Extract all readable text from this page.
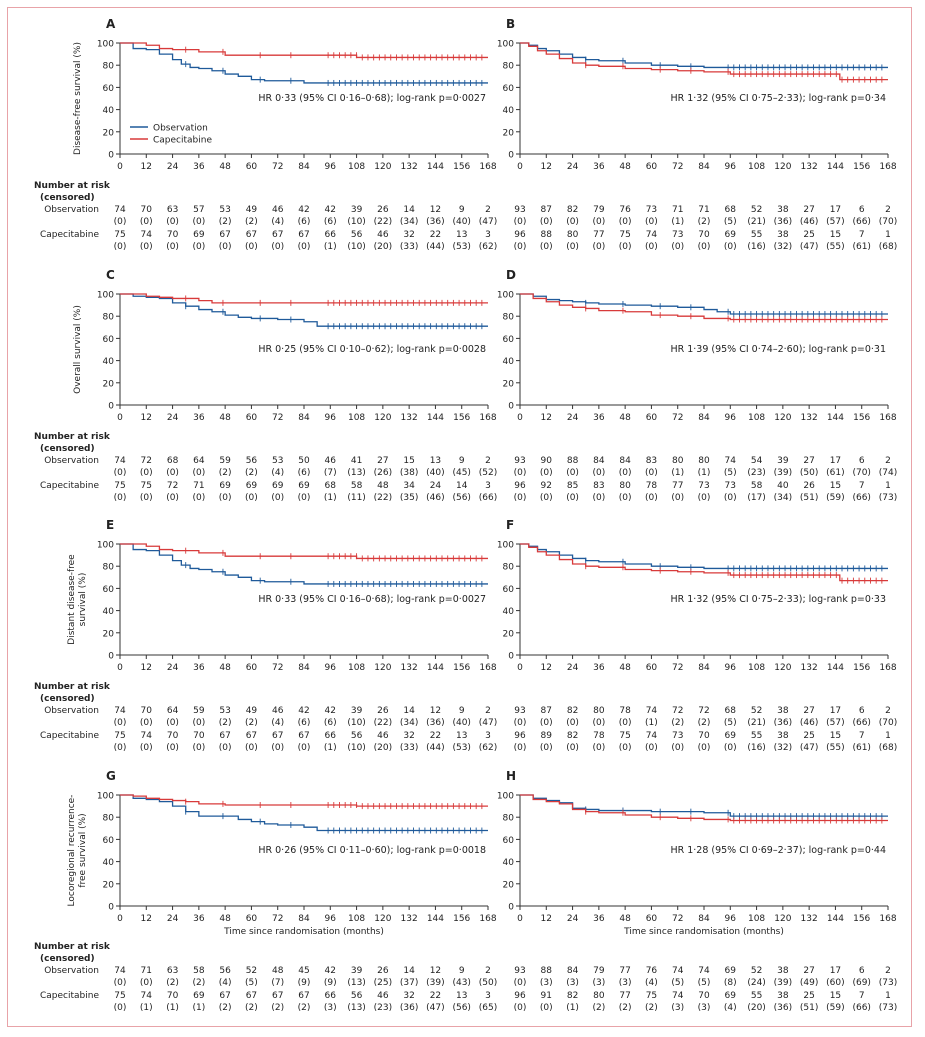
A
0
20
40
60
80
100
0 12 24 36 48 60 72 84 96 108 120 132 144 156 168
Disease-free survival (%)	HR 0·33 (95% CI 0·16–0·68); log-rank p=0·0027
Observation
Capecitabine
Number at risk
(censored)
Observation
Capecitabine
74 70 63 57 53 49 46 42 42 39 26 14 12 9 2
(0) (0) (0) (0) (2) (2) (4) (6) (6) (10) (22) (34) (36) (40) (47)
75 74 70 69 67 67 67 67 66 56 46 32 22 13 3
(0) (0) (0) (0) (0) (0) (0) (0) (1) (10) (20) (33) (44) (53) (62)
B
0
20
40
60
80
100
0 12 24 36 48 60 72 84 96 108 120 132 144 156 168
HR 1·32 (95% CI 0·75–2·33); log-rank p=0·34
93 87 82 79 76 73 71 71 68 52 38 27 17 6 2
(0) (0) (0) (0) (0) (0) (1) (2) (5) (21) (36) (46) (57) (66) (70)
96 88 80 77 75 74 73 70 69 55 38 25 15 7 1
(0) (0) (0) (0) (0) (0) (0) (0) (0) (16) (32) (47) (55) (61) (68)
C
0
20
40
60
80
100
0 12 24 36 48 60 72 84 96 108 120 132 144 156 168
Overall survival (%)	HR 0·25 (95% CI 0·10–0·62); log-rank p=0·0028
Number at risk
(censored)
Observation
Capecitabine
74 72 68 64 59 56 53 50 46 41 27 15 13 9 2
(0) (0) (0) (0) (2) (2) (4) (6) (7) (13) (26) (38) (40) (45) (52)
75 75 72 71 69 69 69 69 68 58 48 34 24 14 3
(0) (0) (0) (0) (0) (0) (0) (0) (1) (11) (22) (35) (46) (56) (66)
D
0
20
40
60
80
100
0 12 24 36 48 60 72 84 96 108 120 132 144 156 168
HR 1·39 (95% CI 0·74–2·60); log-rank p=0·31
93 90 88 84 84 83 80 80 74 54 39 27 17 6 2
(0) (0) (0) (0) (0) (0) (1) (1) (5) (23) (39) (50) (61) (70) (74)
96 92 85 83 80 78 77 73 73 58 40 26 15 7 1
(0) (0) (0) (0) (0) (0) (0) (0) (0) (17) (34) (51) (59) (66) (73)
E
0
20
40
60
80
100
0 12 24 36 48 60 72 84 96 108 120 132 144 156 168
Distant disease-free survival (%)	HR 0·33 (95% CI 0·16–0·68); log-rank p=0·0027
Number at risk
(censored)
Observation
Capecitabine
74 70 64 59 53 49 46 42 42 39 26 14 12 9 2
(0) (0) (0) (0) (2) (2) (4) (6) (6) (10) (22) (34) (36) (40) (47)
75 74 70 70 67 67 67 67 66 56 46 32 22 13 3
(0) (0) (0) (0) (0) (0) (0) (0) (1) (10) (20) (33) (44) (53) (62)
F
0
20
40
60
80
100
0 12 24 36 48 60 72 84 96 108 120 132 144 156 168
HR 1·32 (95% CI 0·75–2·33); log-rank p=0·33
93 87 82 80 78 74 72 72 68 52 38 27 17 6 2
(0) (0) (0) (0) (0) (1) (2) (2) (5) (21) (36) (46) (57) (66) (70)
96 89 82 78 75 74 73 70 69 55 38 25 15 7 1
(0) (0) (0) (0) (0) (0) (0) (0) (0) (16) (32) (47) (55) (61) (68)
G
0
20
40
60
80
100
0 12 24 36 48 60 72 84 96 108 120 132 144 156 168
Locoregional recurrence- free survival (%)	HR 0·26 (95% CI 0·11–0·60); log-rank p=0·0018
Time since randomisation (months)
Number at risk
(censored)
Observation
Capecitabine
74 71 63 58 56 52 48 45 42 39 26 14 12 9 2
(0) (0) (2) (2) (4) (5) (7) (9) (9) (13) (25) (37) (39) (43) (50)
75 74 70 69 67 67 67 67 66 56 46 32 22 13 3
(0) (1) (1) (1) (2) (2) (2) (2) (3) (13) (23) (36) (47) (56) (65)
H
0
20
40
60
80
100
0 12 24 36 48 60 72 84 96 108 120 132 144 156 168
HR 1·28 (95% CI 0·69–2·37); log-rank p=0·44
Time since randomisation (months)
93 88 84 79 77 76 74 74 69 52 38 27 17 6 2
(0) (3) (3) (3) (3) (4) (5) (5) (8) (24) (39) (49) (60) (69) (73)
96 91 82 80 77 75 74 70 69 55 38 25 15 7 1
(0) (0) (1) (2) (2) (2) (3) (3) (4) (20) (36) (51) (59) (66) (73)
